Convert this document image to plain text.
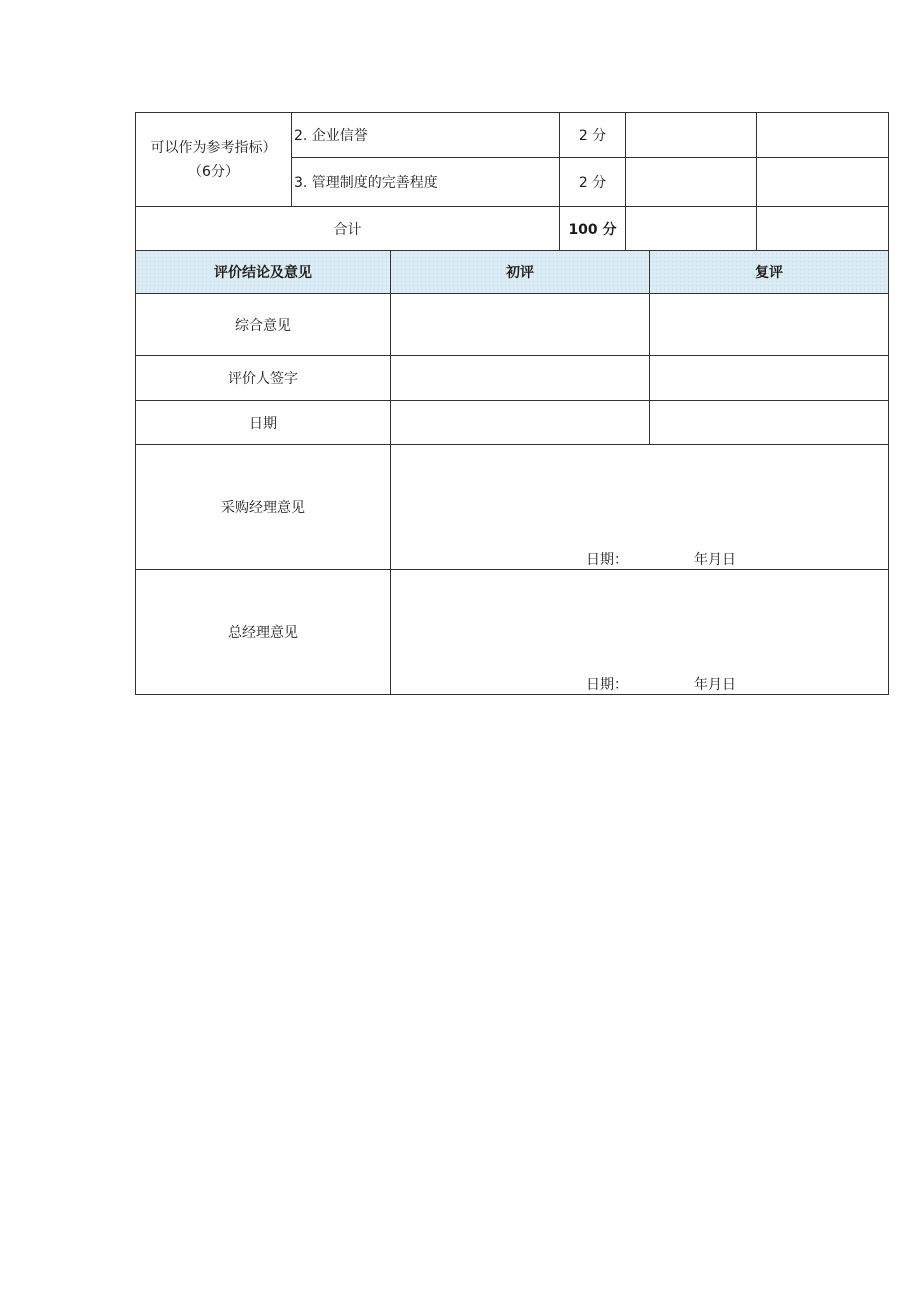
可以作为参考指标）
（6分）	2. 企业信誉	2 分		
	3. 管理制度的完善程度	2 分		
合计		100 分		
评价结论及意见	初评	复评
综合意见		
评价人签字		
日期		
采购经理意见	日期： 年月日	

总经理意见	日期： 年月日	
